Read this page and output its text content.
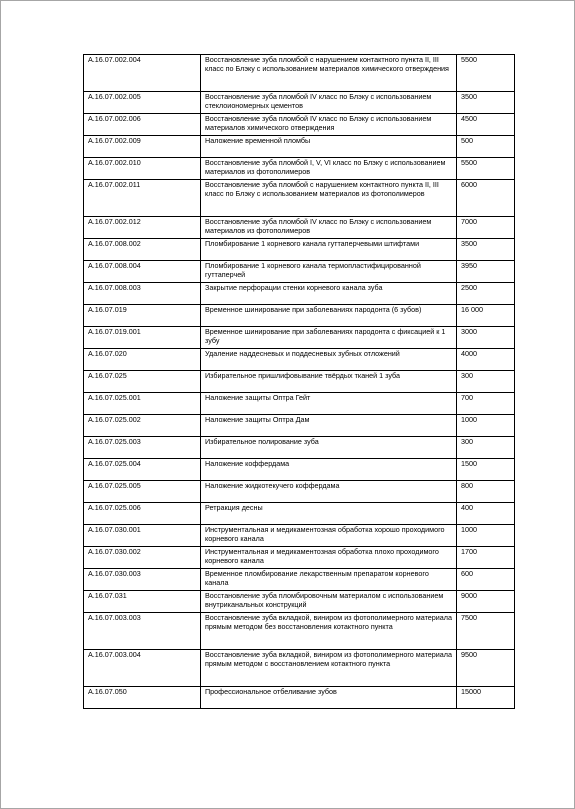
А.16.07.002.004	Восстановление зуба пломбой с нарушением контактного пункта II, III класс по Блэку с использованием материалов химического отверждения	5500
А.16.07.002.005	Восстановление зуба пломбой IV класс по Блэку с использованием стеклоиономерных цементов	3500
А.16.07.002.006	Восстановление зуба пломбой IV класс по Блэку с использованием материалов химического отверждения	4500
А.16.07.002.009	Наложение временной пломбы	500
А.16.07.002.010	Восстановление зуба пломбой I, V, VI класс по Блэку с использованием материалов из фотополимеров	5500
А.16.07.002.011	Восстановление зуба пломбой с нарушением контактного пункта II, III класс по Блэку с использованием материалов из фотополимеров	6000
А.16.07.002.012	Восстановление зуба пломбой IV класс по Блэку с использованием материалов из фотополимеров	7000
А.16.07.008.002	Пломбирование 1 корневого канала гуттаперчевыми штифтами	3500
А.16.07.008.004	Пломбирование 1 корневого канала термопластифицированной гуттаперчей	3950
А.16.07.008.003	Закрытие перфорации стенки корневого канала зуба	2500
А.16.07.019	Временное шинирование при заболеваниях пародонта (6 зубов)	16 000
А.16.07.019.001	Временное шинирование при заболеваниях пародонта с фиксацией к 1 зубу	3000
А.16.07.020	Удаление наддесневых и поддесневых зубных отложений	4000
А.16.07.025	Избирательное пришлифовывание твёрдых тканей 1 зуба	300
А.16.07.025.001	Наложение защиты Оптра Гейт	700
А.16.07.025.002	Наложение защиты Оптра Дам	1000
А.16.07.025.003	Избирательное полирование зуба	300
А.16.07.025.004	Наложение коффердама	1500
А.16.07.025.005	Наложение жидкотекучего коффердама	800
А.16.07.025.006	Ретракция десны	400
А.16.07.030.001	Инструментальная и медикаментозная обработка хорошо проходимого корневого канала	1000
А.16.07.030.002	Инструментальная и медикаментозная обработка плохо проходимого корневого канала	1700
А.16.07.030.003	Временное пломбирование лекарственным препаратом корневого канала	600
А.16.07.031	Восстановление зуба пломбировочным материалом с использованием внутриканальных конструкций	9000
А.16.07.003.003	Восстановление зуба вкладкой, виниром из фотополимерного материала прямым методом без восстановления котактного пункта	7500
А.16.07.003.004	Восстановление зуба вкладкой, виниром из фотополимерного материала прямым методом с восстановлением котактного пункта	9500
А.16.07.050	Профессиональное отбеливание зубов	15000
